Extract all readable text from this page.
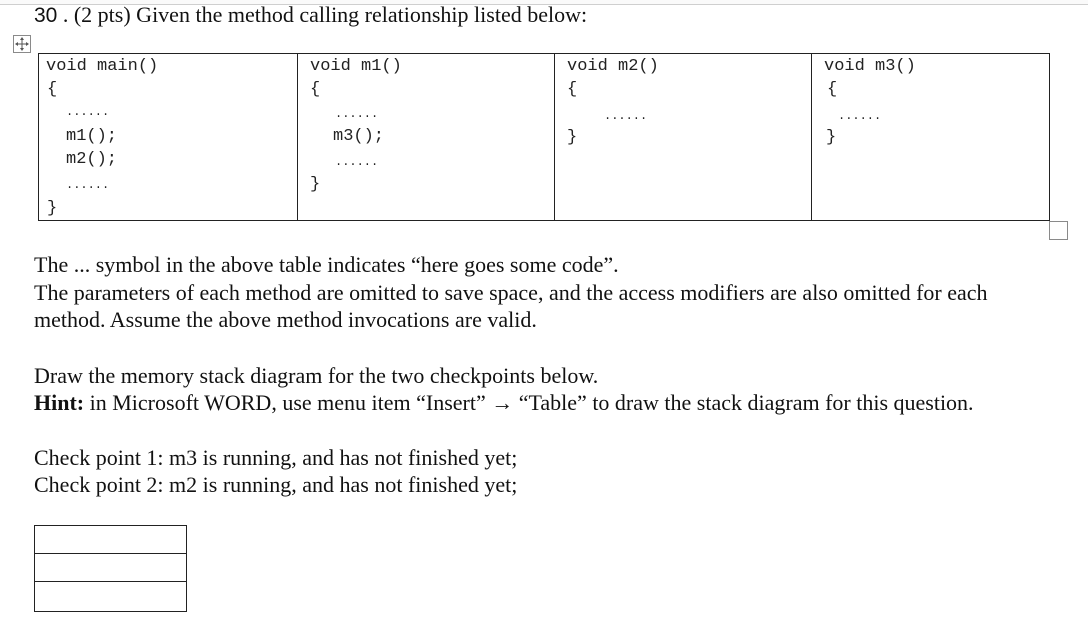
30 . (2 pts) Given the method calling relationship listed below:
void main()
{
......
m1();
m2();
......
}
void m1()
{
......
m3();
......
}
void m2()
{
......
}
void m3()
{
......
}
The ... symbol in the above table indicates “here goes some code”.
The parameters of each method are omitted to save space, and the access modifiers are also omitted for each
method. Assume the above method invocations are valid.
Draw the memory stack diagram for the two checkpoints below.
Hint: in Microsoft WORD, use menu item “Insert” → “Table” to draw the stack diagram for this question.
Check point 1: m3 is running, and has not finished yet;
Check point 2: m2 is running, and has not finished yet;
